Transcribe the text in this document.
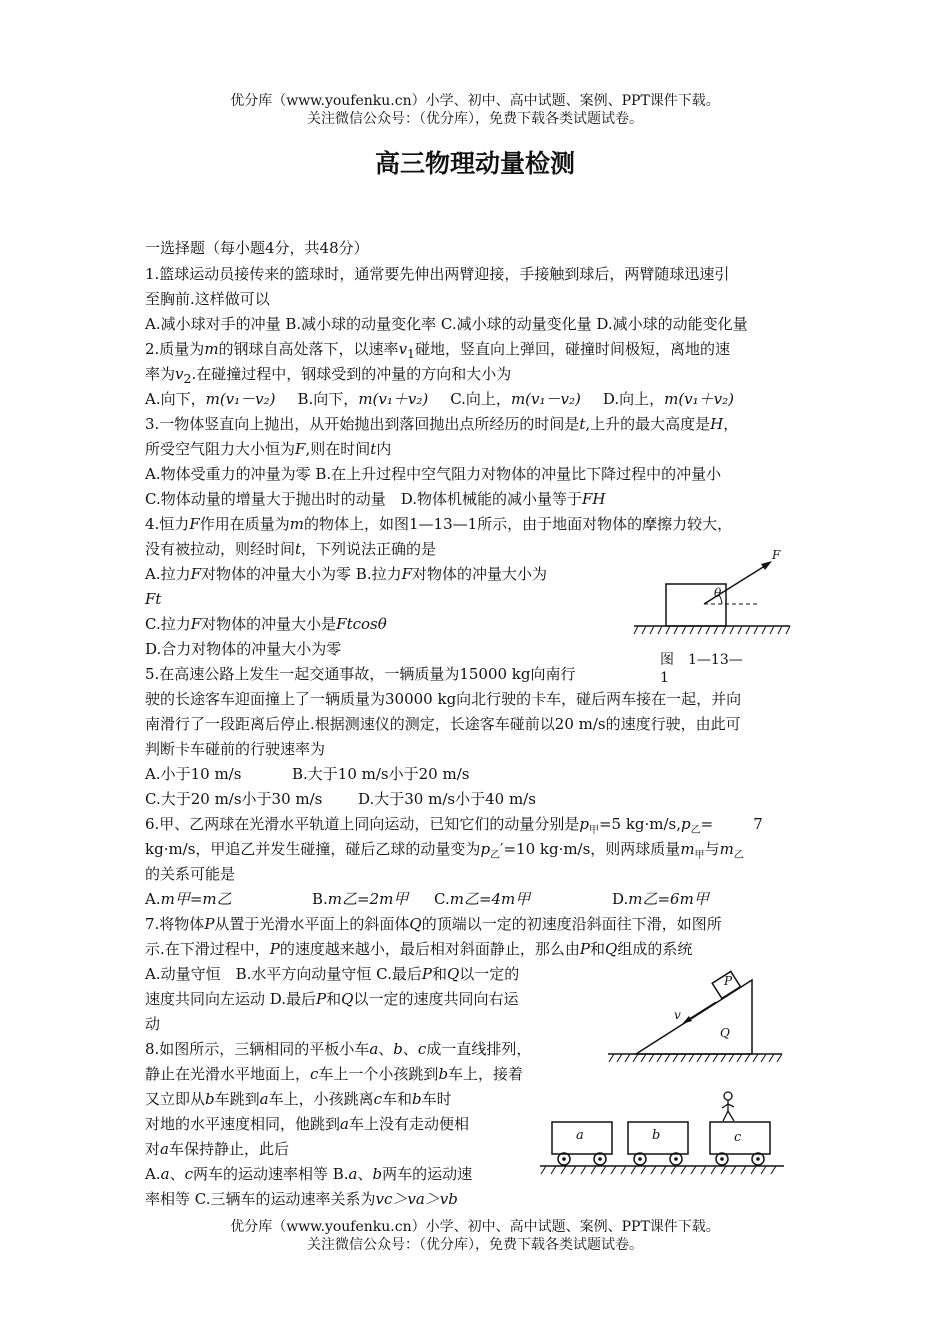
优分库（www.youfenku.cn）小学、初中、高中试题、案例、PPT课件下载。
关注微信公众号：（优分库），免费下载各类试题试卷。
高三物理动量检测
一选择题（每小题4分，共48分）
1.篮球运动员接传来的篮球时，通常要先伸出两臂迎接，手接触到球后，两臂随球迅速引
至胸前.这样做可以
A.减小球对手的冲量 B.减小球的动量变化率 C.减小球的动量变化量 D.减小球的动能变化量
2.质量为m的钢球自高处落下，以速率$v_1$碰地，竖直向上弹回，碰撞时间极短，离地的速
率为$v_2$.在碰撞过程中，钢球受到的冲量的方向和大小为
A.向下，m(v₁－v₂) B.向下，m(v₁＋v₂) C.向上，m(v₁－v₂) D.向上，m(v₁＋v₂)
3.一物体竖直向上抛出，从开始抛出到落回抛出点所经历的时间是t,上升的最大高度是H，
所受空气阻力大小恒为F,则在时间t内
A.物体受重力的冲量为零 B.在上升过程中空气阻力对物体的冲量比下降过程中的冲量小
C.物体动量的增量大于抛出时的动量　D.物体机械能的减小量等于FH
4.恒力F作用在质量为m的物体上，如图1—13—1所示，由于地面对物体的摩擦力较大，
没有被拉动，则经时间t，下列说法正确的是
A.拉力F对物体的冲量大小为零 B.拉力F对物体的冲量大小为
Ft
C.拉力F对物体的冲量大小是Ftcosθ
D.合力对物体的冲量大小为零
F
θ
图　1—13—
1
5.在高速公路上发生一起交通事故，一辆质量为15000 kg向南行
驶的长途客车迎面撞上了一辆质量为30000 kg向北行驶的卡车，碰后两车接在一起，并向
南滑行了一段距离后停止.根据测速仪的测定，长途客车碰前以20 m/s的速度行驶，由此可
判断卡车碰前的行驶速率为
A.小于10 m/s	B.大于10 m/s小于20 m/s
C.大于20 m/s小于30 m/s D.大于30 m/s小于40 m/s
6.甲、乙两球在光滑水平轨道上同向运动，已知它们的动量分别是$p_甲=5$ $kg\cdot m/s,p_乙=$	7
kg·m/s，甲追乙并发生碰撞，碰后乙球的动量变为$p_乙'=10$ kg·m/s，则两球质量$m_甲$与$m_乙$
的关系可能是
A.m甲=m乙	B.m乙=2m甲 C.m乙=4m甲	D.m乙=6m甲
7.将物体P从置于光滑水平面上的斜面体Q的顶端以一定的初速度沿斜面往下滑，如图所
示.在下滑过程中，P的速度越来越小，最后相对斜面静止，那么由P和Q组成的系统
A.动量守恒　B.水平方向动量守恒 C.最后P和Q以一定的
速度共同向左运动 D.最后P和Q以一定的速度共同向右运
动
P
Q
v
8.如图所示，三辆相同的平板小车a、b、c成一直线排列，
静止在光滑水平地面上，c车上一个小孩跳到b车上，接着
又立即从b车跳到a车上，小孩跳离c车和b车时
对地的水平速度相同，他跳到a车上没有走动便相
对a车保持静止，此后
A.a、c两车的运动速率相等 B.a、b两车的运动速
率相等 C.三辆车的运动速率关系为vc＞va＞vb
a	b	c
优分库（www.youfenku.cn）小学、初中、高中试题、案例、PPT课件下载。
关注微信公众号：（优分库），免费下载各类试题试卷。
